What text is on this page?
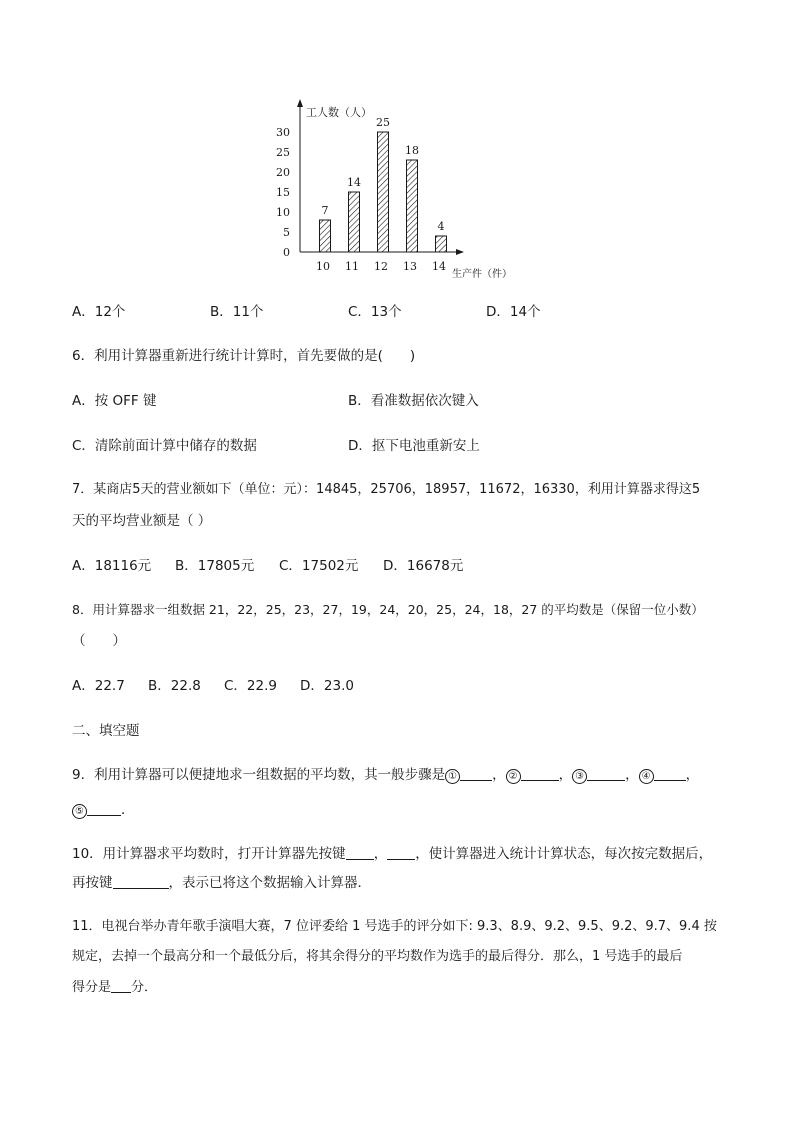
工人数（人）
生产件（件）
0
5
10
15
20
25
30
7
14
25
18
4
10 11 12 13 14
A．12个	B．11个	C．13个	D．14个
6．利用计算器重新进行统计计算时，首先要做的是(　　)
A．按 OFF 键	B．看准数据依次键入
C．清除前面计算中储存的数据	D．抠下电池重新安上
7．某商店5天的营业额如下（单位：元）：14845，25706，18957，11672，16330，利用计算器求得这5
天的平均营业额是（ ）
A．18116元 B．17805元 C．17502元 D．16678元
8．用计算器求一组数据 21，22，25，23，27，19，24，20，25，24，18，27 的平均数是（保留一位小数）
（　　）
A．22.7 B．22.8 C．22.9 D．23.0
二、填空题
9．利用计算器可以便捷地求一组数据的平均数，其一般步骤是 ①	， ②	， ③	， ④	，
⑤	．
10．用计算器求平均数时，打开计算器先按键 ， ，使计算器进入统计计算状态，每次按完数据后，
再按键	，表示已将这个数据输入计算器．
11．电视台举办青年歌手演唱大赛，7 位评委给 1 号选手的评分如下: 9.3、8.9、9.2、9.5、9.2、9.7、9.4 按
规定，去掉一个最高分和一个最低分后，将其余得分的平均数作为选手的最后得分．那么，1 号选手的最后
得分是 分．
